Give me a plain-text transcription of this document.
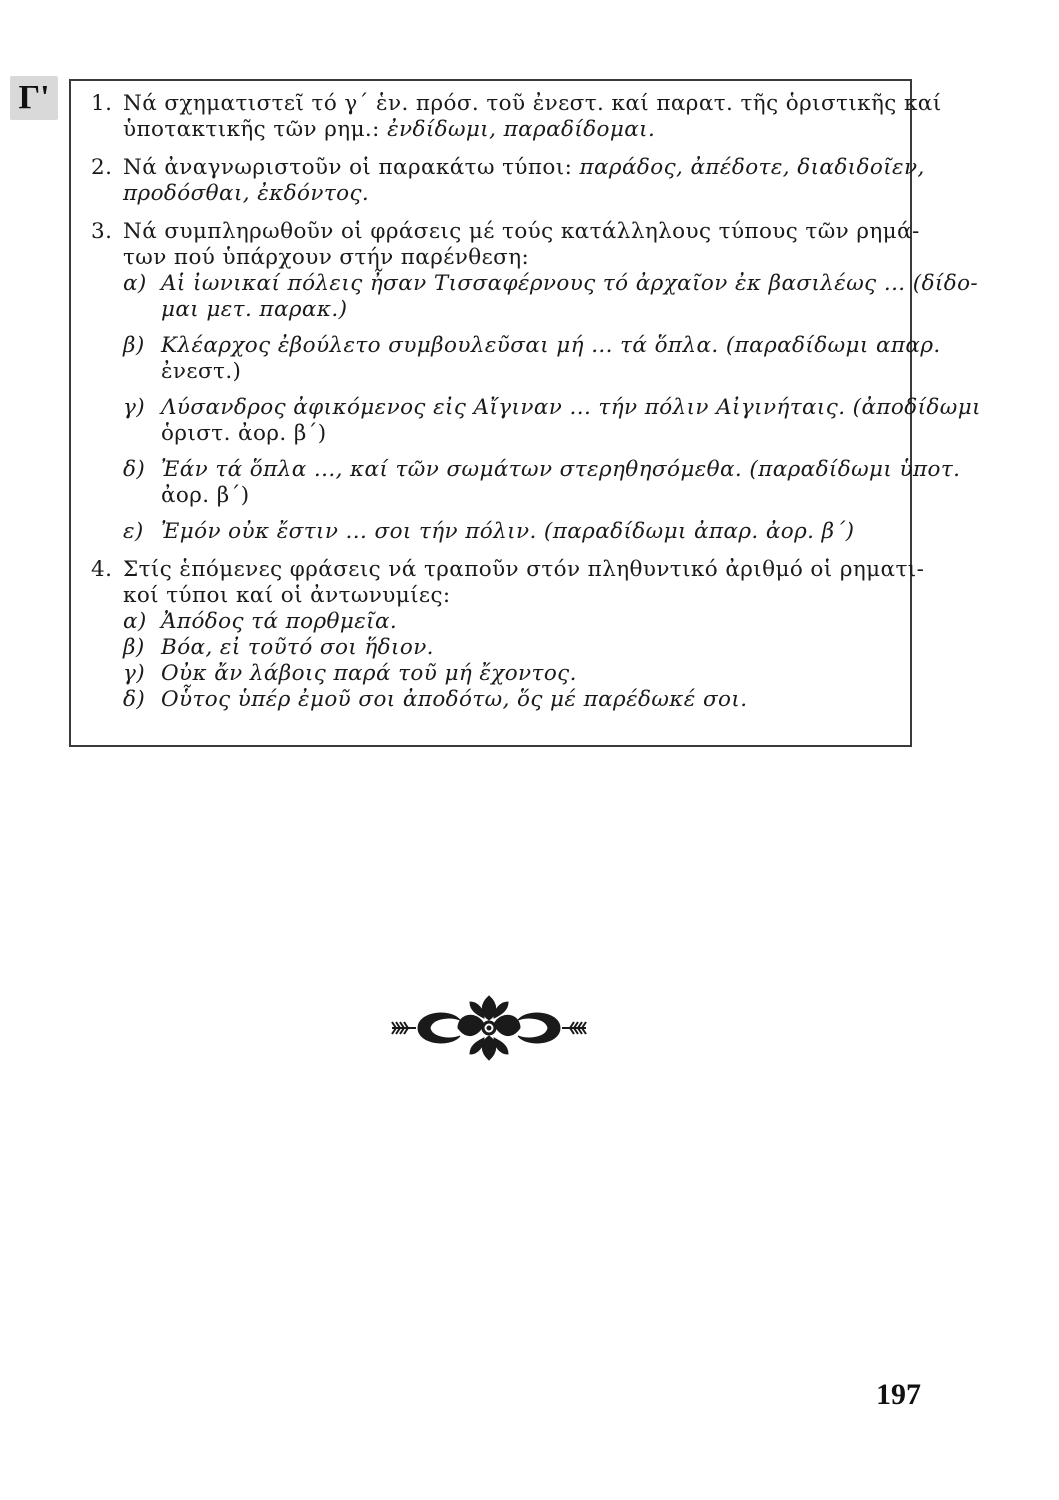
Γ'	1. Νά σχηματιστεῖ τό γ΄ ἑν. πρόσ. τοῦ ἐνεστ. καί παρατ. τῆς ὁριστικῆς καί
ὑποτακτικῆς τῶν ρημ.: ἐνδίδωμι, παραδίδομαι.
2. Νά ἀναγνωριστοῦν οἱ παρακάτω τύποι: παράδος, ἀπέδοτε, διαδιδοῖεν,
προδόσθαι, ἐκδόντος.
3. Νά συμπληρωθοῦν οἱ φράσεις μέ τούς κατάλληλους τύπους τῶν ρημά-
των πού ὑπάρχουν στήν παρένθεση:
α) Αἱ ἰωνικαί πόλεις ἦσαν Τισσαφέρνους τό ἀρχαῖον ἐκ βασιλέως ... (δίδο-
μαι μετ. παρακ.)
β) Κλέαρχος ἐβούλετο συμβουλεῦσαι μή ... τά ὅπλα. (παραδίδωμι απαρ.
ἐνεστ.)
γ) Λύσανδρος ἀφικόμενος εἰς Αἴγιναν ... τήν πόλιν Αἰγινήταις. (ἀποδίδωμι
ὁριστ. ἀορ. β΄)
δ) Ἐάν τά ὅπλα ..., καί τῶν σωμάτων στερηθησόμεθα. (παραδίδωμι ὑποτ.
ἀορ. β΄)
ε) Ἐμόν οὐκ ἔστιν ... σοι τήν πόλιν. (παραδίδωμι ἀπαρ. ἀορ. β΄)
4. Στίς ἑπόμενες φράσεις νά τραποῦν στόν πληθυντικό ἀριθμό οἱ ρηματι-
κοί τύποι καί οἱ ἀντωνυμίες:
α) Ἀπόδος τά πορθμεῖα.
β) Βόα, εἰ τοῦτό σοι ἥδιον.
γ) Οὐκ ἄν λάβοις παρά τοῦ μή ἔχοντος.
δ) Οὗτος ὑπέρ ἐμοῦ σοι ἀποδότω, ὅς μέ παρέδωκέ σοι.
197
